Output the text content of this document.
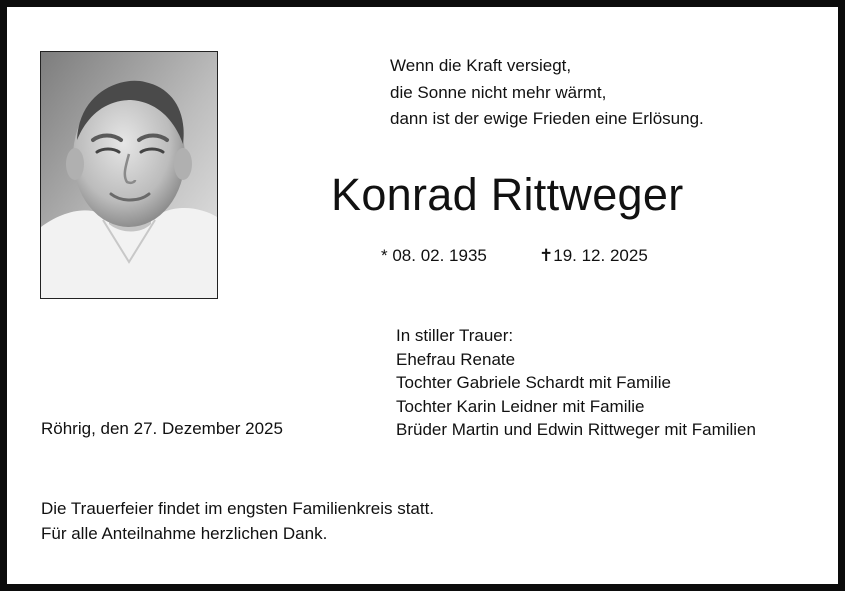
Wenn die Kraft versiegt,
die Sonne nicht mehr wärmt,
dann ist der ewige Frieden eine Erlösung.
Konrad Rittweger
* 08. 02. 1935	✝19. 12. 2025
In stiller Trauer:
Ehefrau Renate
Tochter Gabriele Schardt mit Familie
Tochter Karin Leidner mit Familie
Brüder Martin und Edwin Rittweger mit Familien
Röhrig, den 27. Dezember 2025
Die Trauerfeier findet im engsten Familienkreis statt.
Für alle Anteilnahme herzlichen Dank.
